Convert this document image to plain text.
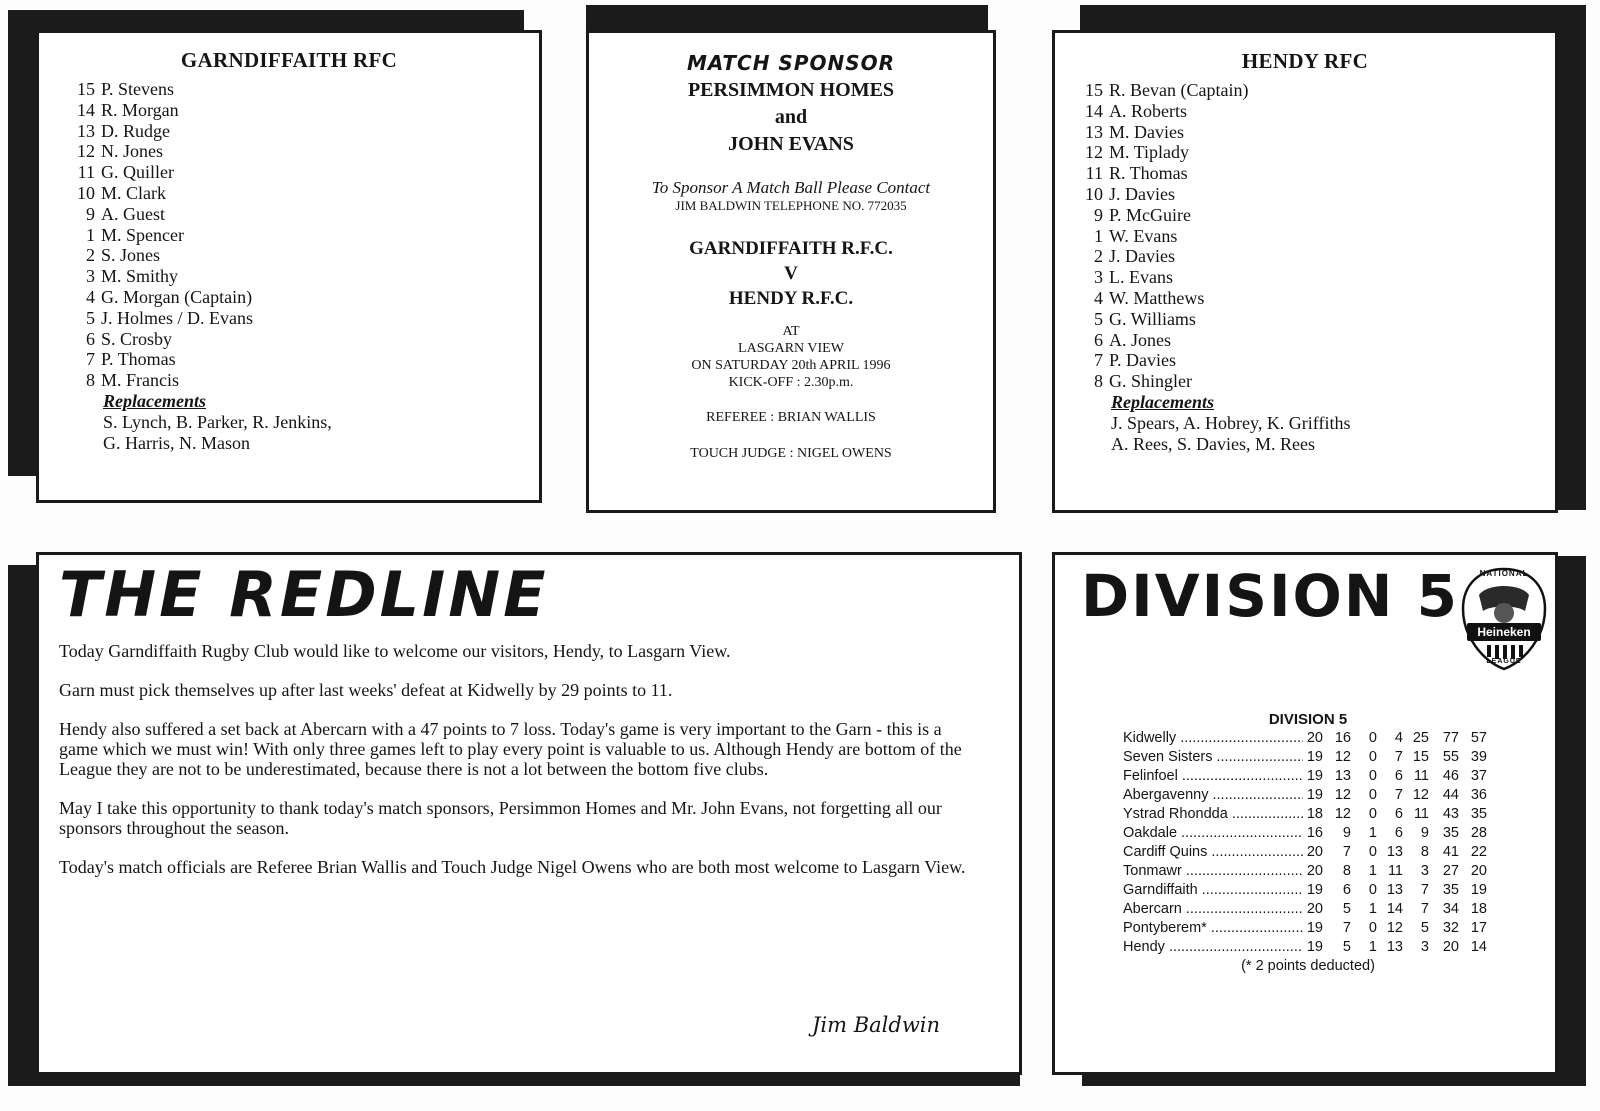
GARNDIFFAITH RFC
15 P. Stevens
14 R. Morgan
13 D. Rudge
12 N. Jones
11 G. Quiller
10 M. Clark
9 A. Guest
1 M. Spencer
2 S. Jones
3 M. Smithy
4 G. Morgan (Captain)
5 J. Holmes / D. Evans
6 S. Crosby
7 P. Thomas
8 M. Francis
Replacements
S. Lynch, B. Parker, R. Jenkins,
G. Harris, N. Mason
MATCH SPONSOR
PERSIMMON HOMES
and
JOHN EVANS
To Sponsor A Match Ball Please Contact
JIM BALDWIN TELEPHONE NO. 772035
GARNDIFFAITH R.F.C.
V
HENDY R.F.C.
AT
LASGARN VIEW
ON SATURDAY 20th APRIL 1996
KICK-OFF : 2.30p.m.
REFEREE : BRIAN WALLIS
TOUCH JUDGE : NIGEL OWENS
HENDY RFC
15 R. Bevan (Captain)
14 A. Roberts
13 M. Davies
12 M. Tiplady
11 R. Thomas
10 J. Davies
9 P. McGuire
1 W. Evans
2 J. Davies
3 L. Evans
4 W. Matthews
5 G. Williams
6 A. Jones
7 P. Davies
8 G. Shingler
Replacements
J. Spears, A. Hobrey, K. Griffiths
A. Rees, S. Davies, M. Rees
THE REDLINE

Today Garndiffaith Rugby Club would like to welcome our visitors, Hendy, to Lasgarn View.

Garn must pick themselves up after last weeks' defeat at Kidwelly by 29 points to 11.

Hendy also suffered a set back at Abercarn with a 47 points to 7 loss. Today's game is very important to the Garn - this is a game which we must win! With only three games left to play every point is valuable to us. Although Hendy are bottom of the League they are not to be underestimated, because there is not a lot between the bottom five clubs.

May I take this opportunity to thank today's match sponsors, Persimmon Homes and Mr. John Evans, not forgetting all our sponsors throughout the season.

Today's match officials are Referee Brian Wallis and Touch Judge Nigel Owens who are both most welcome to Lasgarn View.

Jim Baldwin
DIVISION 5	NATIONAL
Heineken
LEAGUE
DIVISION 5
Kidwelly .....	20 16	0	4 25 77 57
Seven Sisters .....	19 12	0	7 15 55 39
Felinfoel .....	19 13	0	6 11 46 37
Abergavenny .....	19 12	0	7 12 44 36
Ystrad Rhondda .....	18 12	0	6 11 43 35
Oakdale .....	16	9	1	6	9 35 28
Cardiff Quins .....	20	7	0 13	8 41 22
Tonmawr .....	20	8	1 11	3 27 20
Garndiffaith .....	19	6	0 13	7 35 19
Abercarn .....	20	5	1 14	7 34 18
Pontyberem* .....	19	7	0 12	5 32 17
Hendy .....	19	5	1 13	3 20 14
(* 2 points deducted)
